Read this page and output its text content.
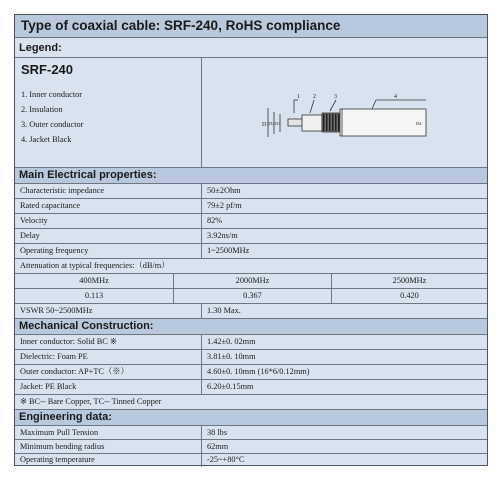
Type of coaxial cable: SRF-240, RoHS compliance
Legend:
SRF-240
1. Inner conductor
2. Insulation
3. Outer conductor
4. Jacket Black
1 2	3	4
D1 D2 D3	D4
Main Electrical properties:
Characteristic impedance	50±2Ohm
Rated capacitance	79±2 pf/m
Velocity	82%
Delay	3.92ns/m
Operating frequency	1~2500MHz
Attenuation at typical frequencies:（dB/m）
400MHz	2000MHz	2500MHz
0.113	0.367	0.420
VSWR 50~2500MHz	1.30 Max.
Mechanical Construction:
Inner conductor: Solid BC ※	1.42±0. 02mm
Dielectric: Foam PE	3.81±0. 10mm
Outer conductor: AP+TC（※）	4.60±0. 10mm (16*6/0.12mm)
Jacket: PE Black	6.20±0.15mm
※ BC-- Bare Copper, TC-- Tinned Copper
Engineering data:
Maximum Pull Tension	38 lbs
Minimum bending radius	62mm
Operating temperature	-25~+80°C
